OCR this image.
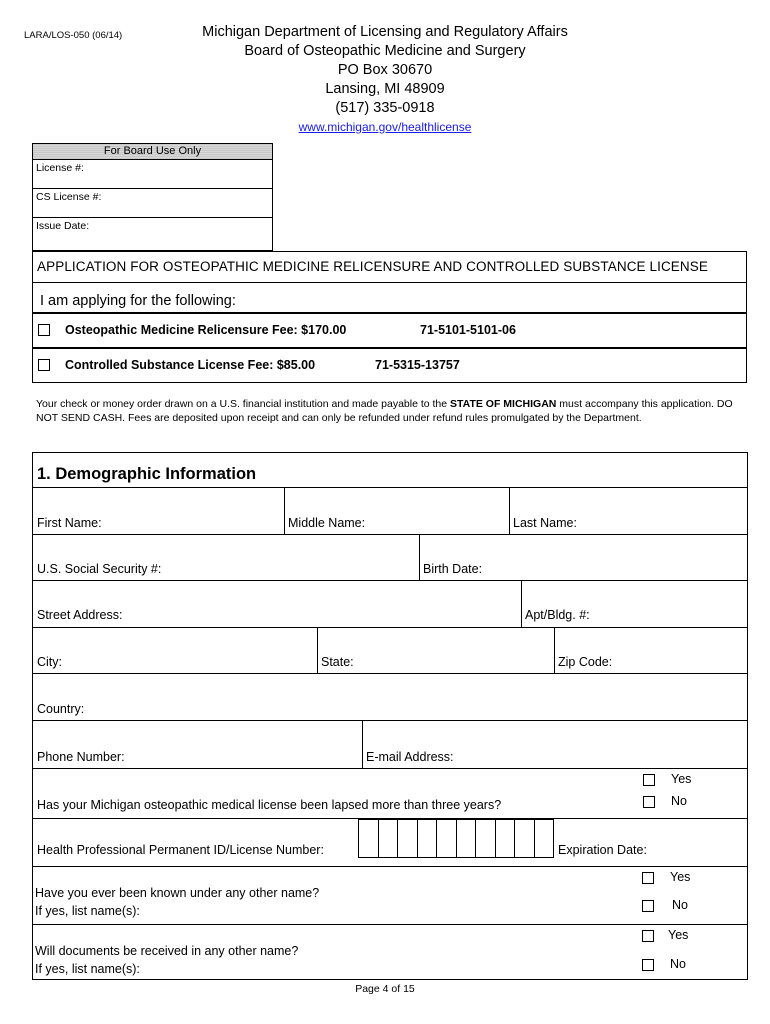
LARA/LOS-050 (06/14)	Michigan Department of Licensing and Regulatory Affairs
Board of Osteopathic Medicine and Surgery
PO Box 30670
Lansing, MI 48909
(517) 335-0918
www.michigan.gov/healthlicense
For Board Use Only
License #:
CS License #:
Issue Date:
APPLICATION FOR OSTEOPATHIC MEDICINE RELICENSURE AND CONTROLLED SUBSTANCE LICENSE
I am applying for the following:
Osteopathic Medicine Relicensure Fee: $170.00	71-5101-5101-06
Controlled Substance License Fee: $85.00	71-5315-13757
Your check or money order drawn on a U.S. financial institution and made payable to the STATE OF MICHIGAN must accompany this application. DO NOT SEND CASH. Fees are deposited upon receipt and can only be refunded under refund rules promulgated by the Department.
1. Demographic Information
First Name:	Middle Name:	Last Name:
U.S. Social Security #:	Birth Date:
Street Address:	Apt/Bldg. #:
City:	State:	Zip Code:
Country:
Phone Number:	E-mail Address:
Yes
No
Has your Michigan osteopathic medical license been lapsed more than three years?
Health Professional Permanent ID/License Number:	Expiration Date:
Yes
No
Have you ever been known under any other name?
If yes, list name(s):
Yes
No
Will documents be received in any other name?
If yes, list name(s):
Page 4 of 15
